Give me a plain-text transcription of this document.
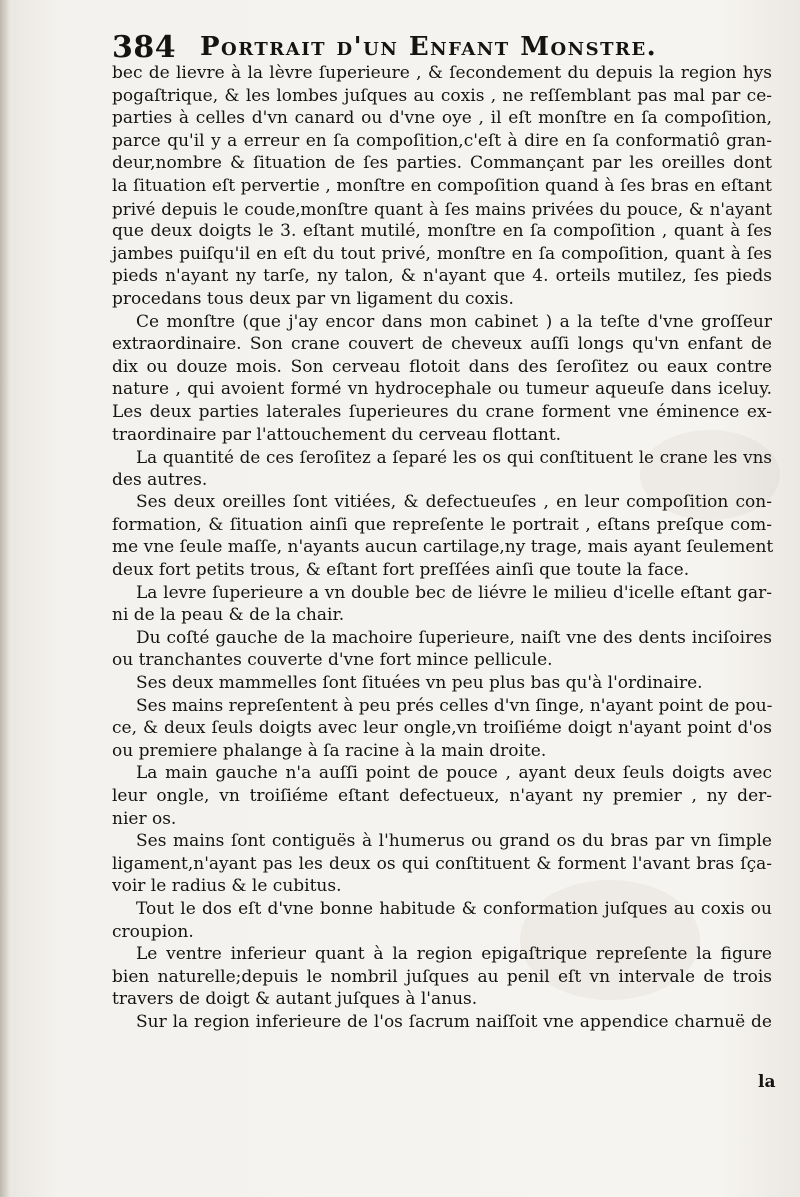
384 Portrait d'un Enfant Monstre.
bec de lievre à la lèvre ſuperieure , & ſecondement du depuis la region hys
pogaſtrique, & les lombes juſques au coxis , ne reſſemblant pas mal par ce-
parties à celles d'vn canard ou d'vne oye , il eſt monſtre en ſa compoſition,
parce qu'il y a erreur en ſa compoſition,c'eſt à dire en ſa conformatiô gran-
deur,nombre & ſituation de ſes parties. Commançant par les oreilles dont
la ſituation eſt pervertie , monſtre en compoſition quand à ſes bras en eſtant
privé depuis le coude,monſtre quant à ſes mains privées du pouce, & n'ayant
que deux doigts le 3. eſtant mutilé, monſtre en ſa compoſition , quant à ſes
jambes puiſqu'il en eſt du tout privé, monſtre en ſa compoſition, quant à ſes
pieds n'ayant ny tarſe, ny talon, & n'ayant que 4. orteils mutilez, ſes pieds
procedans tous deux par vn ligament du coxis.
Ce monſtre (que j'ay encor dans mon cabinet ) a la teſte d'vne groſſeur
extraordinaire. Son crane couvert de cheveux auſſi longs qu'vn enfant de
dix ou douze mois. Son cerveau flotoit dans des ſeroſitez ou eaux contre
nature , qui avoient formé vn hydrocephale ou tumeur aqueuſe dans iceluy.
Les deux parties laterales ſuperieures du crane forment vne éminence ex-
traordinaire par l'attouchement du cerveau flottant.
La quantité de ces ſeroſitez a ſeparé les os qui conſtituent le crane les vns
des autres.
Ses deux oreilles ſont vitiées, & defectueuſes , en leur compoſition con-
formation, & ſituation ainſi que repreſente le portrait , eſtans preſque com-
me vne ſeule maſſe, n'ayants aucun cartilage,ny trage, mais ayant ſeulement
deux fort petits trous, & eſtant fort preſſées ainſi que toute la face.
La levre ſuperieure a vn double bec de liévre le milieu d'icelle eſtant gar-
ni de la peau & de la chair.
Du coſté gauche de la machoire ſuperieure, naiſt vne des dents inciſoires
ou tranchantes couverte d'vne fort mince pellicule.
Ses deux mammelles ſont ſituées vn peu plus bas qu'à l'ordinaire.
Ses mains repreſentent à peu prés celles d'vn ſinge, n'ayant point de pou-
ce, & deux ſeuls doigts avec leur ongle,vn troiſiéme doigt n'ayant point d'os
ou premiere phalange à ſa racine à la main droite.
La main gauche n'a auſſi point de pouce , ayant deux ſeuls doigts avec
leur ongle, vn troiſiéme eſtant defectueux, n'ayant ny premier , ny der-
nier os.
Ses mains ſont contiguës à l'humerus ou grand os du bras par vn ſimple
ligament,n'ayant pas les deux os qui conſtituent & forment l'avant bras ſça-
voir le radius & le cubitus.
Tout le dos eſt d'vne bonne habitude & conformation juſques au coxis ou
croupion.
Le ventre inferieur quant à la region epigaſtrique repreſente la figure
bien naturelle;depuis le nombril juſques au penil eſt vn intervale de trois
travers de doigt & autant juſques à l'anus.
Sur la region inferieure de l'os ſacrum naiſſoit vne appendice charnuë de
la
